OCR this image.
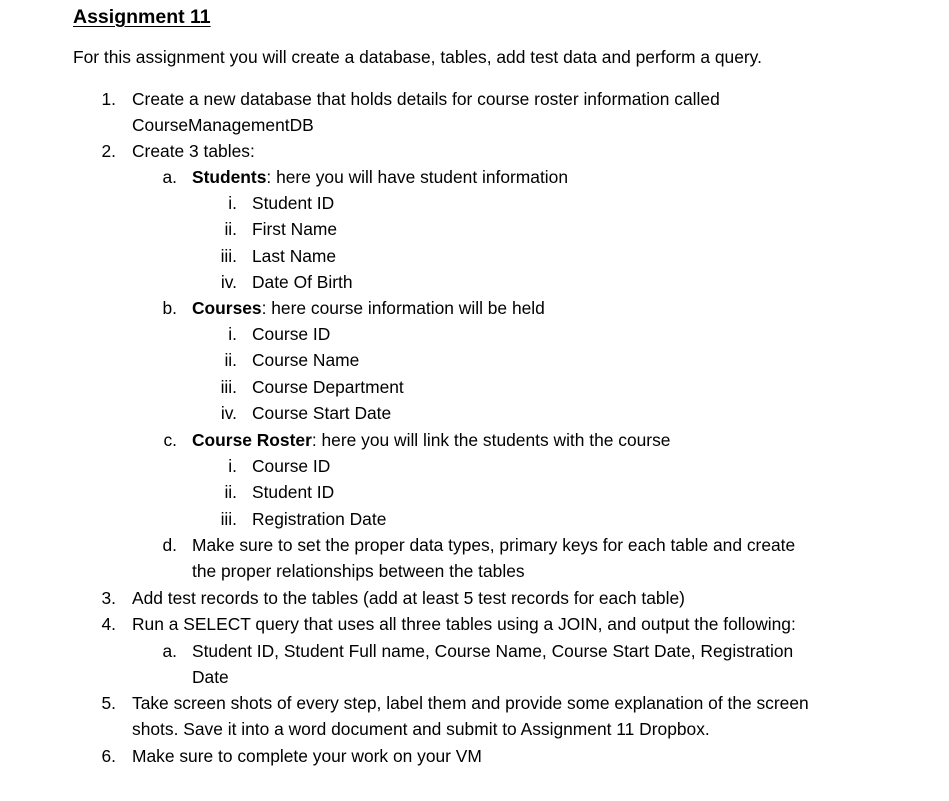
Assignment 11
For this assignment you will create a database, tables, add test data and perform a query.
1. Create a new database that holds details for course roster information called
CourseManagementDB
2. Create 3 tables:
a. Students: here you will have student information
i. Student ID
ii. First Name
iii. Last Name
iv. Date Of Birth
b. Courses: here course information will be held
i. Course ID
ii. Course Name
iii. Course Department
iv. Course Start Date
c. Course Roster: here you will link the students with the course
i. Course ID
ii. Student ID
iii. Registration Date
d. Make sure to set the proper data types, primary keys for each table and create
the proper relationships between the tables
3. Add test records to the tables (add at least 5 test records for each table)
4. Run a SELECT query that uses all three tables using a JOIN, and output the following:
a. Student ID, Student Full name, Course Name, Course Start Date, Registration
Date
5. Take screen shots of every step, label them and provide some explanation of the screen
shots. Save it into a word document and submit to Assignment 11 Dropbox.
6. Make sure to complete your work on your VM
